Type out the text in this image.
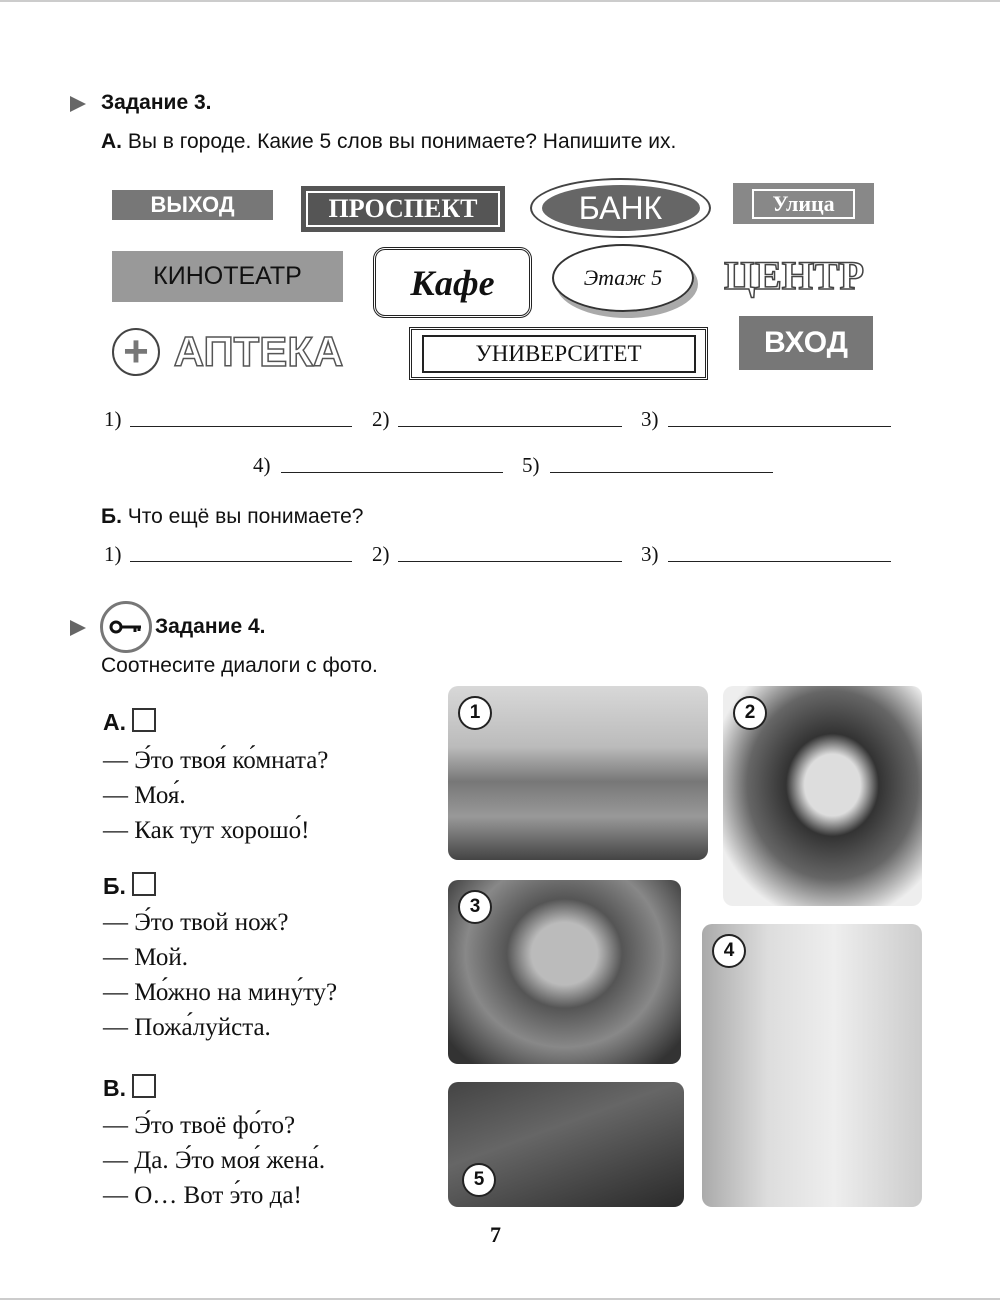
Задание 3.
А. Вы в городе. Какие 5 слов вы понимаете? Напишите их.
ВЫХОД	ПРОСПЕКТ	БАНК	Улица
КИНОТЕАТР	Кафе	Этаж 5	ЦЕНТР
+ АПТЕКА	УНИВЕРСИТЕТ	ВХОД
1)	2)	3)
4)	5)
Б. Что ещё вы понимаете?
1)	2)	3)
Задание 4.
Соотнесите диалоги с фото.
А.
— Э́то твоя́ ко́мната?
— Моя́.
— Как тут хорошо́!
Б.
— Э́то твой нож?
— Мой.
— Мо́жно на мину́ту?
— Пожа́луйста.
В.
— Э́то твоё фо́то?
— Да. Э́то моя́ жена́.
— О… Вот э́то да!
1	2
3
4
5
7
